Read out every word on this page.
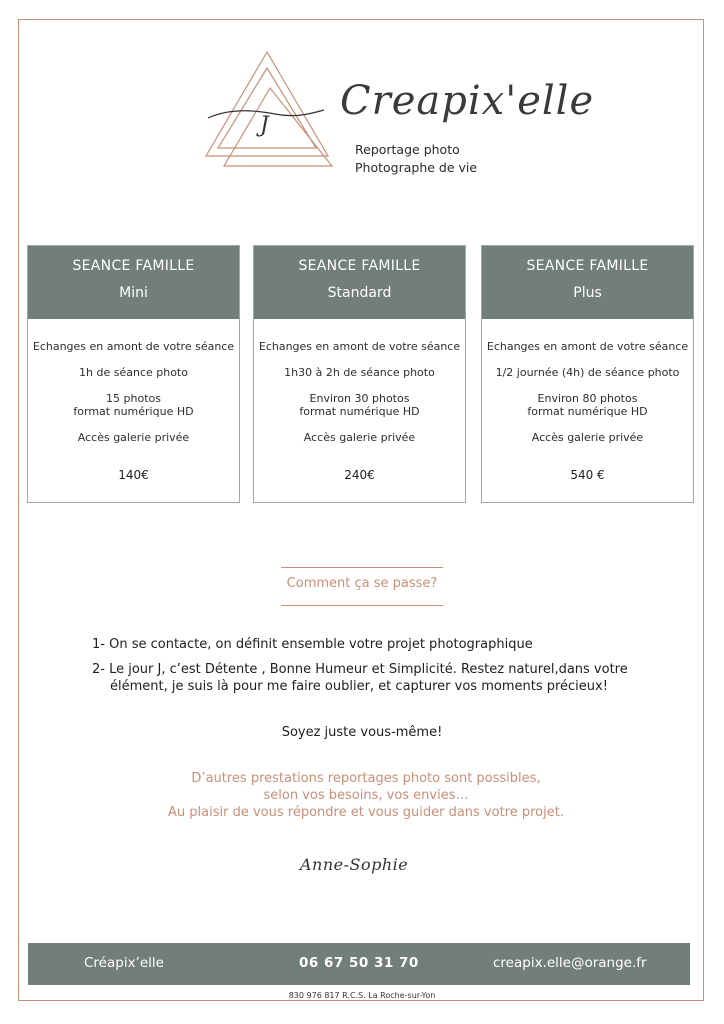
J
Creapix'elle
Reportage photo
Photographe de vie
SEANCE FAMILLE
Mini

Echanges en amont de votre séance

1h de séance photo

15 photos

format numérique HD

Accès galerie privée

140€

SEANCE FAMILLE
Standard

Echanges en amont de votre séance

1h30 à 2h de séance photo

Environ 30 photos

format numérique HD

Accès galerie privée

240€

SEANCE FAMILLE
Plus

Echanges en amont de votre séance

1/2 journée (4h) de séance photo

Environ 80 photos

format numérique HD

Accès galerie privée

540 €

Comment ça se passe?

1- On se contacte, on définit ensemble votre projet photographique

2- Le jour J, c’est Détente , Bonne Humeur et Simplicité. Restez naturel,dans votre

élément, je suis là pour me faire oublier, et capturer vos moments précieux!

Soyez juste vous-même!

D’autres prestations reportages photo sont possibles,

selon vos besoins, vos envies…

Au plaisir de vous répondre et vous guider dans votre projet.

Anne-Sophie
Créapix’elle	06 67 50 31 70	creapix.elle@orange.fr
830 976 817 R.C.S. La Roche-sur-Yon
